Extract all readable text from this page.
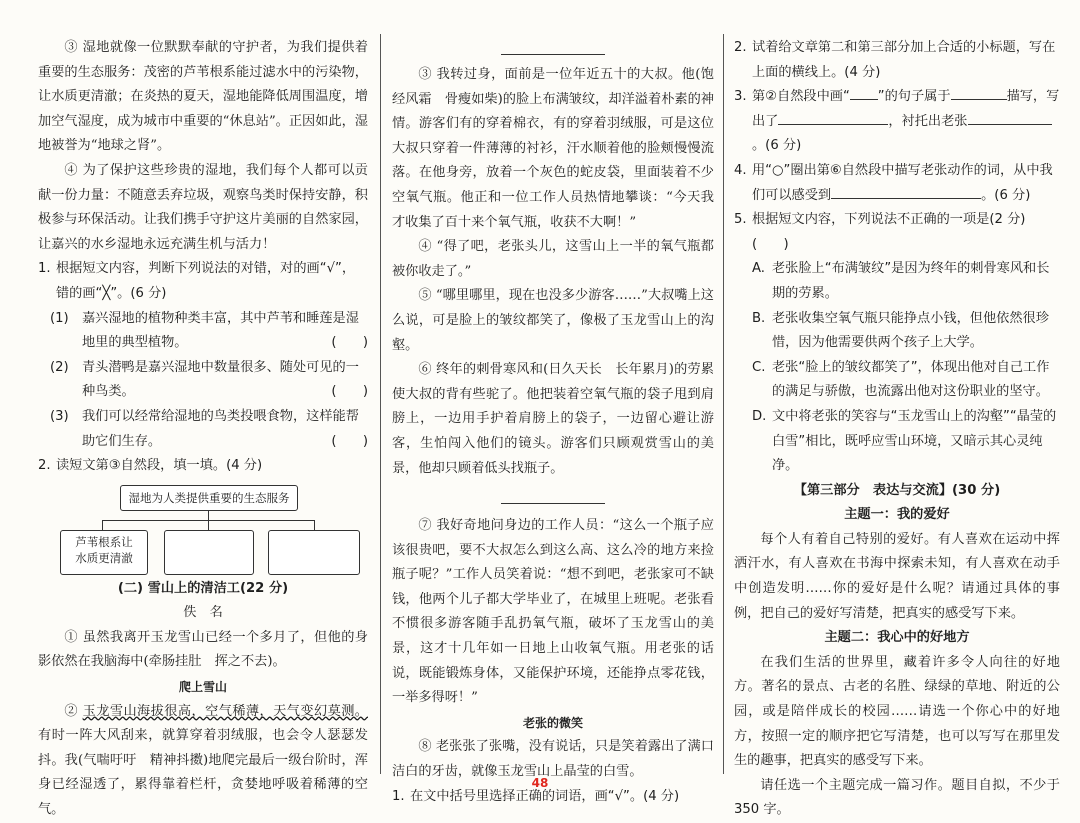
③ 湿地就像一位默默奉献的守护者，为我们提供着重要的生态服务：茂密的芦苇根系能过滤水中的污染物，让水质更清澈；在炎热的夏天，湿地能降低周围温度，增加空气湿度，成为城市中重要的“休息站”。正因如此，湿地被誉为“地球之肾”。

④ 为了保护这些珍贵的湿地，我们每个人都可以贡献一份力量：不随意丢弃垃圾，观察鸟类时保持安静，积极参与环保活动。让我们携手守护这片美丽的自然家园，让嘉兴的水乡湿地永远充满生机与活力！

1. 根据短文内容，判断下列说法的对错，对的画“√”，错的画“╳”。(6 分)
(1) 嘉兴湿地的植物种类丰富，其中芦苇和睡莲是湿地里的典型植物。	(　　)
(2) 青头潜鸭是嘉兴湿地中数量很多、随处可见的一种鸟类。	(　　)
(3) 我们可以经常给湿地的鸟类投喂食物，这样能帮助它们生存。	(　　)
2. 读短文第③自然段，填一填。(4 分)
湿地为人类提供重要的生态服务
芦苇根系让
水质更清澈

(二) 雪山上的清洁工(22 分)

佚　名

① 虽然我离开玉龙雪山已经一个多月了，但他的身影依然在我脑海中(牵肠挂肚　挥之不去)。

爬上雪山

② 玉龙雪山海拔很高，空气稀薄，天气变幻莫测。有时一阵大风刮来，就算穿着羽绒服，也会令人瑟瑟发抖。我(气喘吁吁　精神抖擞)地爬完最后一级台阶时，浑身已经湿透了，累得靠着栏杆，贪婪地呼吸着稀薄的空气。

③ 我转过身，面前是一位年近五十的大叔。他(饱经风霜　骨瘦如柴)的脸上布满皱纹，却洋溢着朴素的神情。游客们有的穿着棉衣，有的穿着羽绒服，可是这位大叔只穿着一件薄薄的衬衫，汗水顺着他的脸颊慢慢流落。在他身旁，放着一个灰色的蛇皮袋，里面装着不少空氧气瓶。他正和一位工作人员热情地攀谈：“今天我才收集了百十来个氧气瓶，收获不大啊！”

④ “得了吧，老张头儿，这雪山上一半的氧气瓶都被你收走了。”

⑤ “哪里哪里，现在也没多少游客……”大叔嘴上这么说，可是脸上的皱纹都笑了，像极了玉龙雪山上的沟壑。

⑥ 终年的刺骨寒风和(日久天长　长年累月)的劳累使大叔的背有些驼了。他把装着空氧气瓶的袋子甩到肩膀上，一边用手护着肩膀上的袋子，一边留心避让游客，生怕闯入他们的镜头。游客们只顾观赏雪山的美景，他却只顾着低头找瓶子。

⑦ 我好奇地问身边的工作人员：“这么一个瓶子应该很贵吧，要不大叔怎么到这么高、这么冷的地方来捡瓶子呢？”工作人员笑着说：“想不到吧，老张家可不缺钱，他两个儿子都大学毕业了，在城里上班呢。老张看不惯很多游客随手乱扔氧气瓶，破坏了玉龙雪山的美景，这才十几年如一日地上山收氧气瓶。用老张的话说，既能锻炼身体，又能保护环境，还能挣点零花钱，一举多得呀！”

老张的微笑

⑧ 老张张了张嘴，没有说话，只是笑着露出了满口洁白的牙齿，就像玉龙雪山上晶莹的白雪。

1. 在文中括号里选择正确的词语，画“√”。(4 分)
2. 试着给文章第二和第三部分加上合适的小标题，写在上面的横线上。(4 分)
3. 第②自然段中画“ ”的句子属于	描写，写出了	，衬托出老张。(6 分)
4. 用“○”圈出第⑥自然段中描写老张动作的词，从中我们可以感受到	。(6 分)
5. 根据短文内容，下列说法不正确的一项是(2 分)(　　)
A. 老张脸上“布满皱纹”是因为终年的刺骨寒风和长期的劳累。
B. 老张收集空氧气瓶只能挣点小钱，但他依然很珍惜，因为他需要供两个孩子上大学。
C. 老张“脸上的皱纹都笑了”，体现出他对自己工作的满足与骄傲，也流露出他对这份职业的坚守。
D. 文中将老张的笑容与“玉龙雪山上的沟壑”“晶莹的白雪”相比，既呼应雪山环境，又暗示其心灵纯净。

【第三部分　表达与交流】(30 分)

主题一：我的爱好

每个人有着自己特别的爱好。有人喜欢在运动中挥洒汗水，有人喜欢在书海中探索未知，有人喜欢在动手中创造发明……你的爱好是什么呢？请通过具体的事例，把自己的爱好写清楚，把真实的感受写下来。

主题二：我心中的好地方

在我们生活的世界里，藏着许多令人向往的好地方。著名的景点、古老的名胜、绿绿的草地、附近的公园，或是陪伴成长的校园……请选一个你心中的好地方，按照一定的顺序把它写清楚，也可以写写在那里发生的趣事，把真实的感受写下来。

请任选一个主题完成一篇习作。题目自拟，不少于 350 字。

48
